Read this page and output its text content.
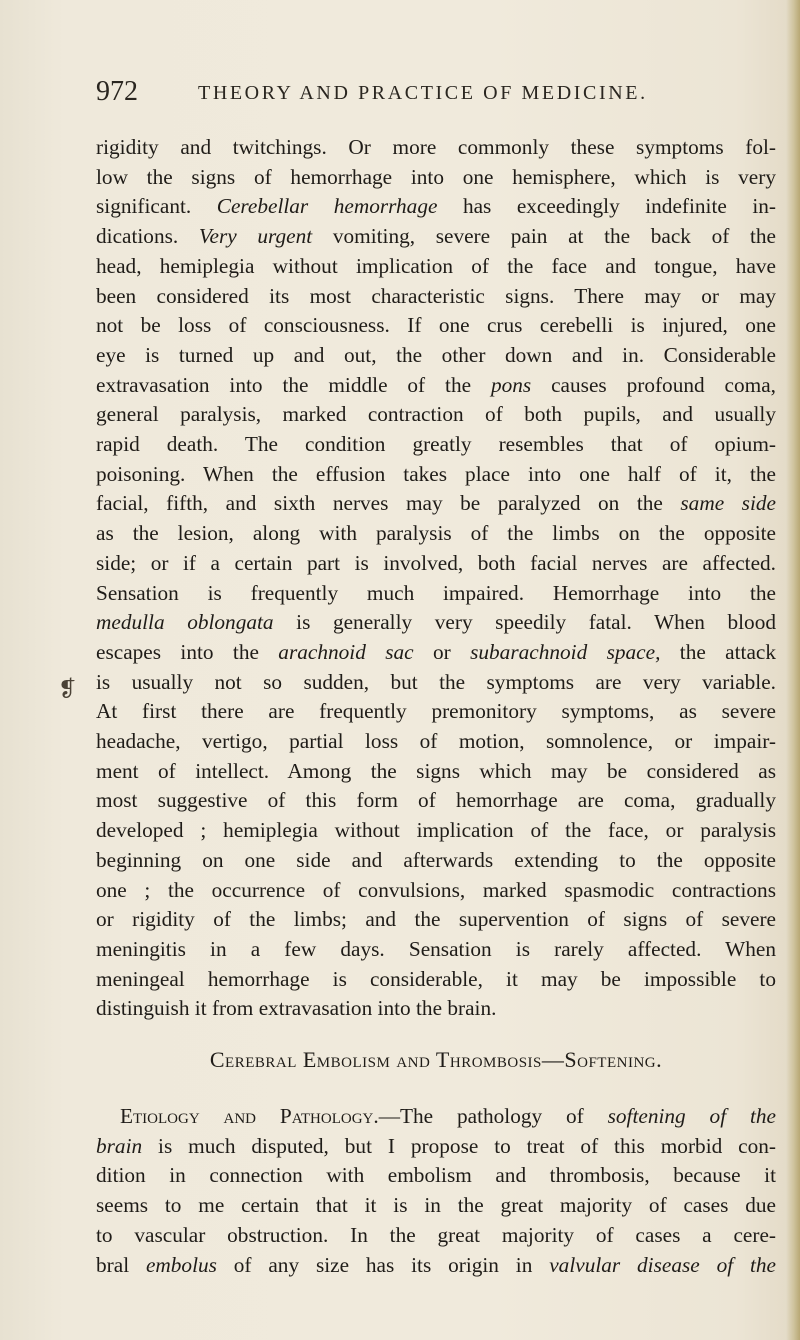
972	THEORY AND PRACTICE OF MEDICINE.
❡
rigidity and twitchings. Or more commonly these symptoms fol-
low the signs of hemorrhage into one hemisphere, which is very
significant. Cerebellar hemorrhage has exceedingly indefinite in-
dications. Very urgent vomiting, severe pain at the back of the
head, hemiplegia without implication of the face and tongue, have
been considered its most characteristic signs. There may or may
not be loss of consciousness. If one crus cerebelli is injured, one
eye is turned up and out, the other down and in. Considerable
extravasation into the middle of the pons causes profound coma,
general paralysis, marked contraction of both pupils, and usually
rapid death. The condition greatly resembles that of opium-
poisoning. When the effusion takes place into one half of it, the
facial, fifth, and sixth nerves may be paralyzed on the same side
as the lesion, along with paralysis of the limbs on the opposite
side; or if a certain part is involved, both facial nerves are affected.
Sensation is frequently much impaired. Hemorrhage into the
medulla oblongata is generally very speedily fatal. When blood
escapes into the arachnoid sac or subarachnoid space, the attack
is usually not so sudden, but the symptoms are very variable.
At first there are frequently premonitory symptoms, as severe
headache, vertigo, partial loss of motion, somnolence, or impair-
ment of intellect. Among the signs which may be considered as
most suggestive of this form of hemorrhage are coma, gradually
developed ; hemiplegia without implication of the face, or paralysis
beginning on one side and afterwards extending to the opposite
one ; the occurrence of convulsions, marked spasmodic contractions
or rigidity of the limbs; and the supervention of signs of severe
meningitis in a few days. Sensation is rarely affected. When
meningeal hemorrhage is considerable, it may be impossible to
distinguish it from extravasation into the brain.
Cerebral Embolism and Thrombosis—Softening.
Etiology and Pathology.—The pathology of softening of the
brain is much disputed, but I propose to treat of this morbid con-
dition in connection with embolism and thrombosis, because it
seems to me certain that it is in the great majority of cases due
to vascular obstruction. In the great majority of cases a cere-
bral embolus of any size has its origin in valvular disease of the
